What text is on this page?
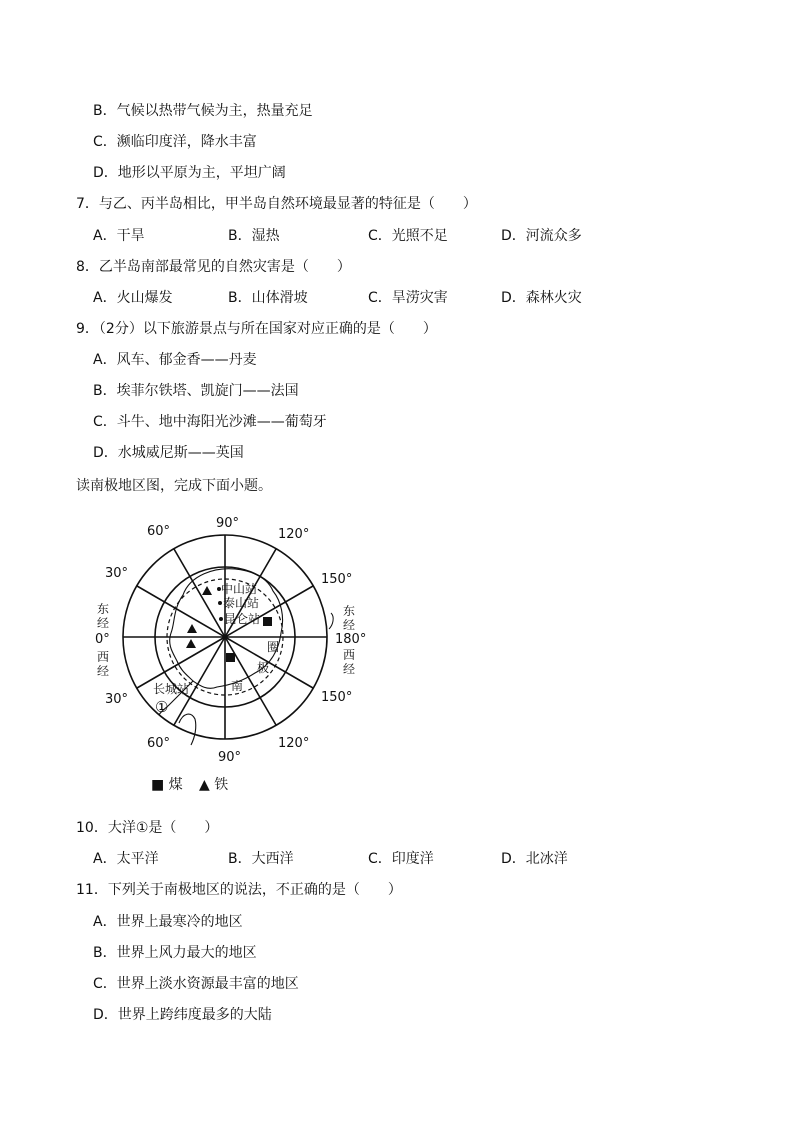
B．气候以热带气候为主，热量充足
C．濒临印度洋，降水丰富
D．地形以平原为主，平坦广阔
7．与乙、丙半岛相比，甲半岛自然环境最显著的特征是（　　）
A．干旱	B．湿热	C．光照不足	D．河流众多
8．乙半岛南部最常见的自然灾害是（　　）
A．火山爆发	B．山体滑坡	C．旱涝灾害	D．森林火灾
9．（2分）以下旅游景点与所在国家对应正确的是（　　）
A．风车、郁金香——丹麦
B．埃菲尔铁塔、凯旋门——法国
C．斗牛、地中海阳光沙滩——葡萄牙
D．水城威尼斯——英国
读南极地区图，完成下面小题。
90°
120°
150°
180°
150°
120°
90°
60°
30°
0°
30°
60°
东
经
西
经
东
经
西
经
中山站
泰山站
昆仑站
长城站
①
圈
极
南
■ 煤 ▲ 铁
10．大洋①是（　　）
A．太平洋	B．大西洋	C．印度洋	D．北冰洋
11．下列关于南极地区的说法，不正确的是（　　）
A．世界上最寒冷的地区
B．世界上风力最大的地区
C．世界上淡水资源最丰富的地区
D．世界上跨纬度最多的大陆
